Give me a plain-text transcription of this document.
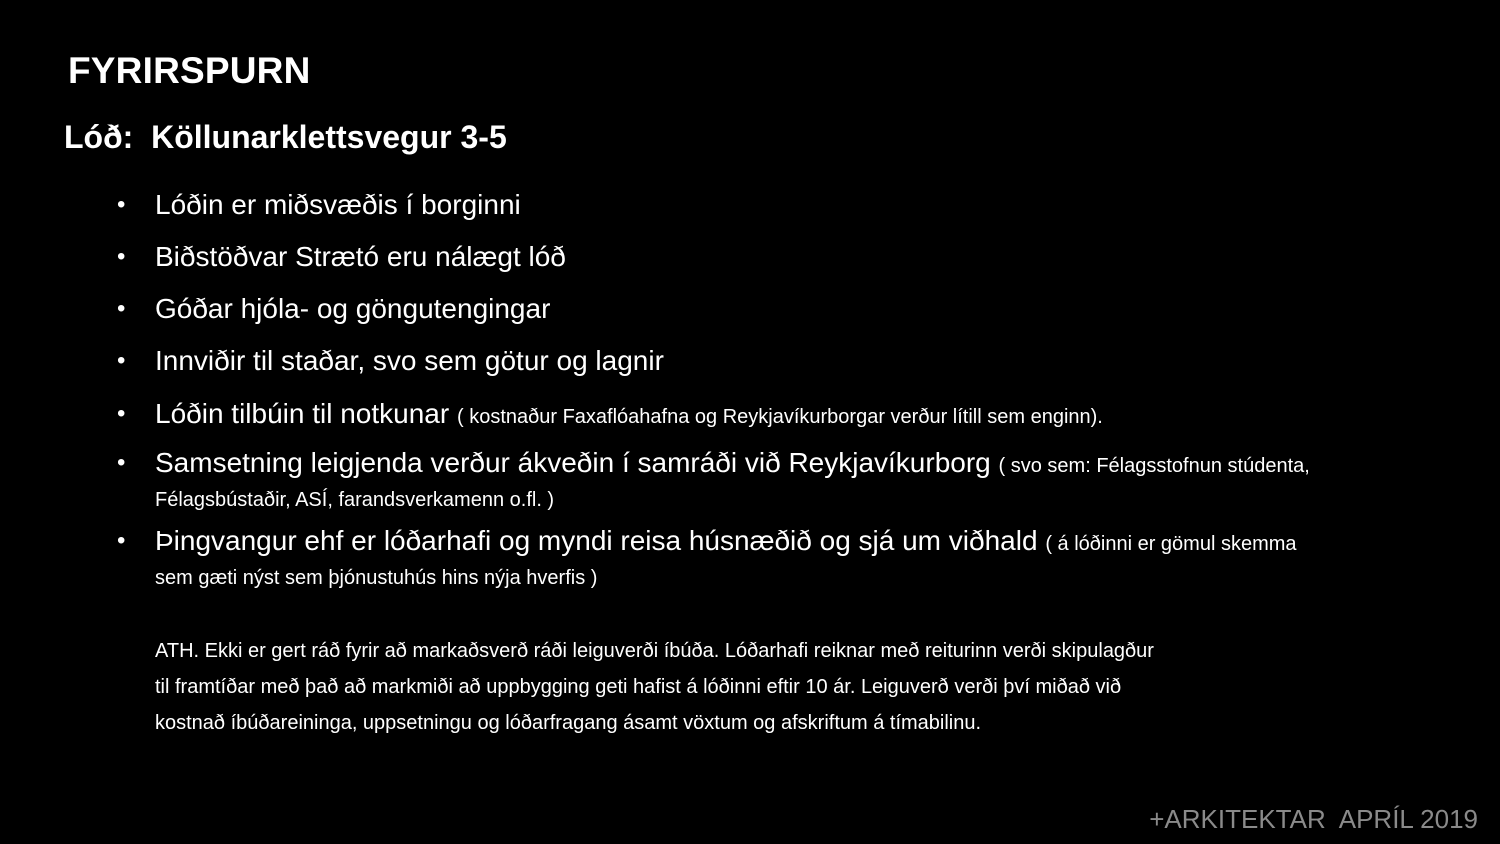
FYRIRSPURN
Lóð:  Köllunarklettsvegur 3-5
• Lóðin er miðsvæðis í borginni
• Biðstöðvar Strætó eru nálægt lóð
• Góðar hjóla- og göngutengingar
• Innviðir til staðar, svo sem götur og lagnir
• Lóðin tilbúin til notkunar ( kostnaður Faxaflóahafna og Reykjavíkurborgar verður lítill sem enginn).
• Samsetning leigjenda verður ákveðin í samráði við Reykjavíkurborg ( svo sem: Félagsstofnun stúdenta,
Félagsbústaðir, ASÍ, farandsverkamenn o.fl. )
• Þingvangur ehf er lóðarhafi og myndi reisa húsnæðið og sjá um viðhald ( á lóðinni er gömul skemma
sem gæti nýst sem þjónustuhús hins nýja hverfis )
ATH. Ekki er gert ráð fyrir að markaðsverð ráði leiguverði íbúða. Lóðarhafi reiknar með reiturinn verði skipulagður
til framtíðar með það að markmiði að uppbygging geti hafist á lóðinni eftir 10 ár. Leiguverð verði því miðað við
kostnað íbúðareininga, uppsetningu og lóðarfragang ásamt vöxtum og afskriftum á tímabilinu.
+ARKITEKTAR  APRÍL 2019
